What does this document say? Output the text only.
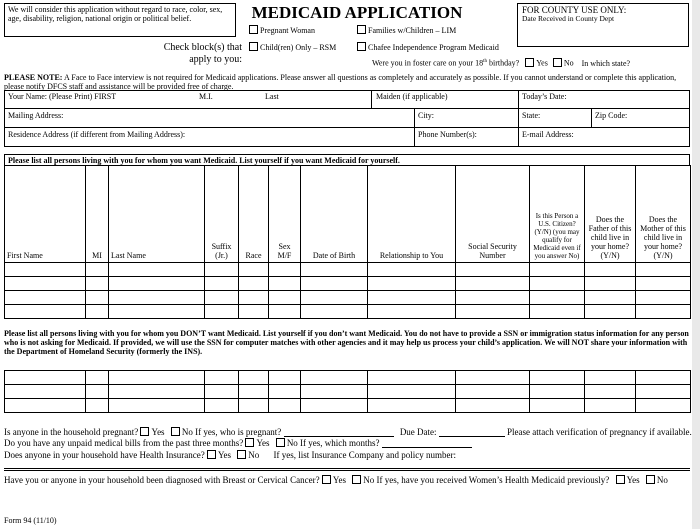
We will consider this application without regard to race, color, sex, age, disability, religion, national origin or political belief.	MEDICAID APPLICATION	FOR COUNTY USE ONLY:
Date Received in County Dept
Check block(s) that
apply to you:
Pregnant Woman	Families w/Children – LIM
Child(ren) Only – RSM	Chafee Independence Program Medicaid
Were you in foster care on your 18th birthday? Yes No In which state?
PLEASE NOTE: A Face to Face interview is not required for Medicaid applications. Please answer all questions as completely and accurately as possible. If you cannot understand or complete this application, please notify DFCS staff and assistance will be provided free of charge.
Your Name: (Please Print) FIRST	M.I.	Last	Maiden (if applicable)	Today’s Date:
Mailing Address:	City:	State:	Zip Code:
Residence Address (if different from Mailing Address):	Phone Number(s):	E-mail Address:
Please list all persons living with you for whom you want Medicaid. List yourself if you want Medicaid for yourself.
First Name	MI	Last Name	Suffix (Jr.)	Race	Sex M/F	Date of Birth	Relationship to You	Social Security Number	Is this Person a U.S. Citizen? (Y/N) (you may qualify for Medicaid even if you answer No)	Does the Father of this child live in your home? (Y/N)	Does the Mother of this child live in your home? (Y/N)

Please list all persons living with you for whom you DON’T want Medicaid. List yourself if you don’t want Medicaid. You do not have to provide a SSN or immigration status information for any person who is not asking for Medicaid. If provided, we will use the SSN for computer matches with other agencies and it may help us process your child’s application. We will NOT share your information with the Department of Homeland Security (formerly the INS).

Is anyone in the household pregnant? Yes No If yes, who is pregnant?	Due Date:	Please attach verification of pregnancy if available.
Do you have any unpaid medical bills from the past three months? Yes No If yes, which months?
Does anyone in your household have Health Insurance? Yes No If yes, list Insurance Company and policy number:
Have you or anyone in your household been diagnosed with Breast or Cervical Cancer? Yes No If yes, have you received Women’s Health Medicaid previously? Yes No
Form 94 (11/10)
